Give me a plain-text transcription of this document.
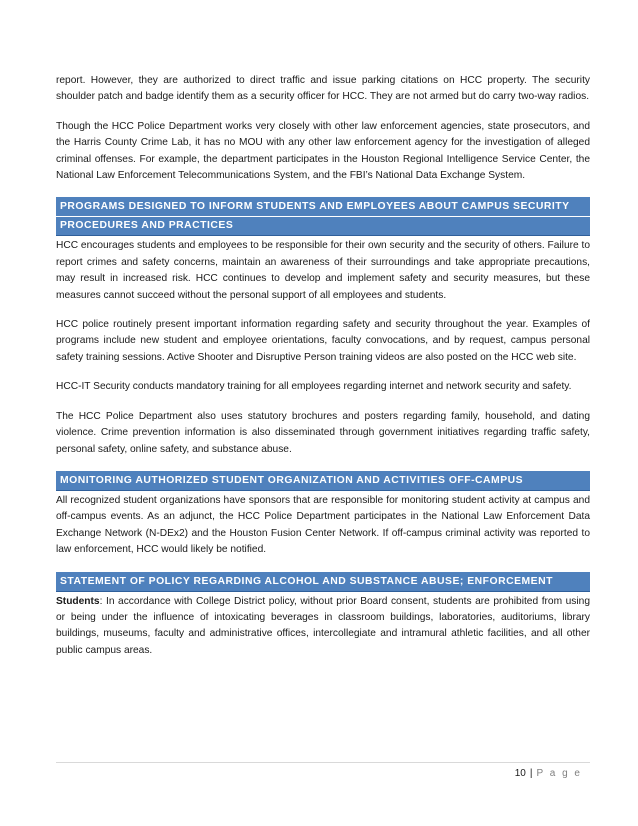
report. However, they are authorized to direct traffic and issue parking citations on HCC property. The security shoulder patch and badge identify them as a security officer for HCC. They are not armed but do carry two-way radios.

Though the HCC Police Department works very closely with other law enforcement agencies, state prosecutors, and the Harris County Crime Lab, it has no MOU with any other law enforcement agency for the investigation of alleged criminal offenses. For example, the department participates in the Houston Regional Intelligence Service Center, the National Law Enforcement Telecommunications System, and the FBI’s National Data Exchange System.

PROGRAMS DESIGNED TO INFORM STUDENTS AND EMPLOYEES ABOUT CAMPUS SECURITY
PROCEDURES AND PRACTICES

HCC encourages students and employees to be responsible for their own security and the security of others. Failure to report crimes and safety concerns, maintain an awareness of their surroundings and take appropriate precautions, may result in increased risk. HCC continues to develop and implement safety and security measures, but these measures cannot succeed without the personal support of all employees and students.

HCC police routinely present important information regarding safety and security throughout the year. Examples of programs include new student and employee orientations, faculty convocations, and by request, campus personal safety training sessions. Active Shooter and Disruptive Person training videos are also posted on the HCC web site.

HCC-IT Security conducts mandatory training for all employees regarding internet and network security and safety.

The HCC Police Department also uses statutory brochures and posters regarding family, household, and dating violence. Crime prevention information is also disseminated through government initiatives regarding traffic safety, personal safety, online safety, and substance abuse.

MONITORING AUTHORIZED STUDENT ORGANIZATION AND ACTIVITIES OFF-CAMPUS

All recognized student organizations have sponsors that are responsible for monitoring student activity at campus and off-campus events. As an adjunct, the HCC Police Department participates in the National Law Enforcement Data Exchange Network (N-DEx2) and the Houston Fusion Center Network. If off-campus criminal activity was reported to law enforcement, HCC would likely be notified.

STATEMENT OF POLICY REGARDING ALCOHOL AND SUBSTANCE ABUSE; ENFORCEMENT

Students: In accordance with College District policy, without prior Board consent, students are prohibited from using or being under the influence of intoxicating beverages in classroom buildings, laboratories, auditoriums, library buildings, museums, faculty and administrative offices, intercollegiate and intramural athletic facilities, and all other public campus areas.

10 | P a g e
